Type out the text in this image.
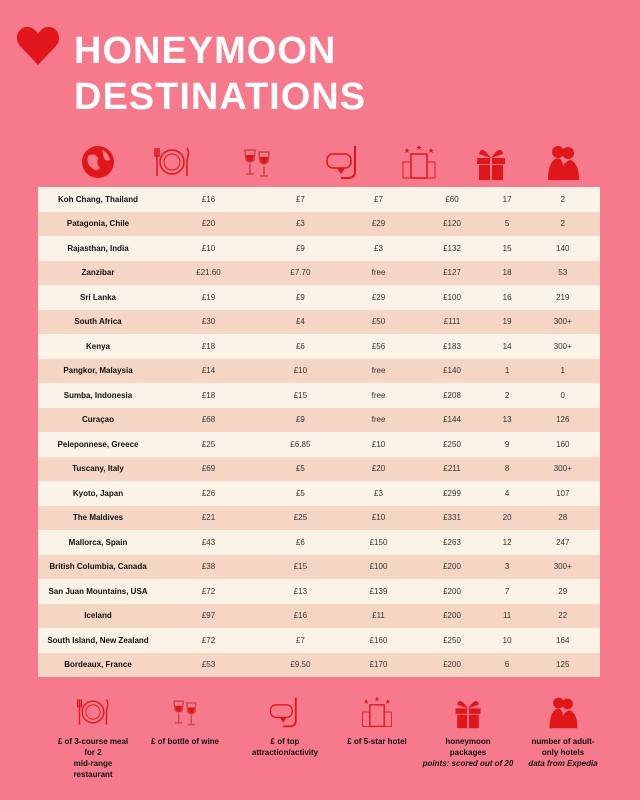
HONEYMOON
DESTINATIONS
Koh Chang, Thailand	£16	£7	£7	£60	17	2
Patagonia, Chile	£20	£3	£29	£120	5	2
Rajasthan, India	£10	£9	£3	£132	15	140
Zanzibar	£21.60	£7.70	free	£127	18	53
Sri Lanka	£19	£9	£29	£100	16	219
South Africa	£30	£4	£50	£111	19	300+
Kenya	£18	£6	£56	£183	14	300+
Pangkor, Malaysia	£14	£10	free	£140	1	1
Sumba, Indonesia	£18	£15	free	£208	2	0
Curaçao	£68	£9	free	£144	13	126
Peleponnese, Greece	£25	£6.85	£10	£250	9	160
Tuscany, Italy	£69	£5	£20	£211	8	300+
Kyoto, Japan	£26	£5	£3	£299	4	107
The Maldives	£21	£25	£10	£331	20	28
Mallorca, Spain	£43	£6	£150	£263	12	247
British Columbia, Canada	£38	£15	£100	£200	3	300+
San Juan Mountains, USA	£72	£13	£139	£200	7	29
Iceland	£97	£16	£11	£200	11	22
South Island, New Zealand	£72	£7	£160	£250	10	164
Bordeaux, France	£53	£9.50	£170	£200	6	125
£ of 3-course meal
for 2
mid-range
restaurant
£ of bottle of wine	£ of top
attraction/activity
£ of 5-star hotel	honeymoon
packages
points: scored out of 20
number of adult-
only hotels
data from Expedia
